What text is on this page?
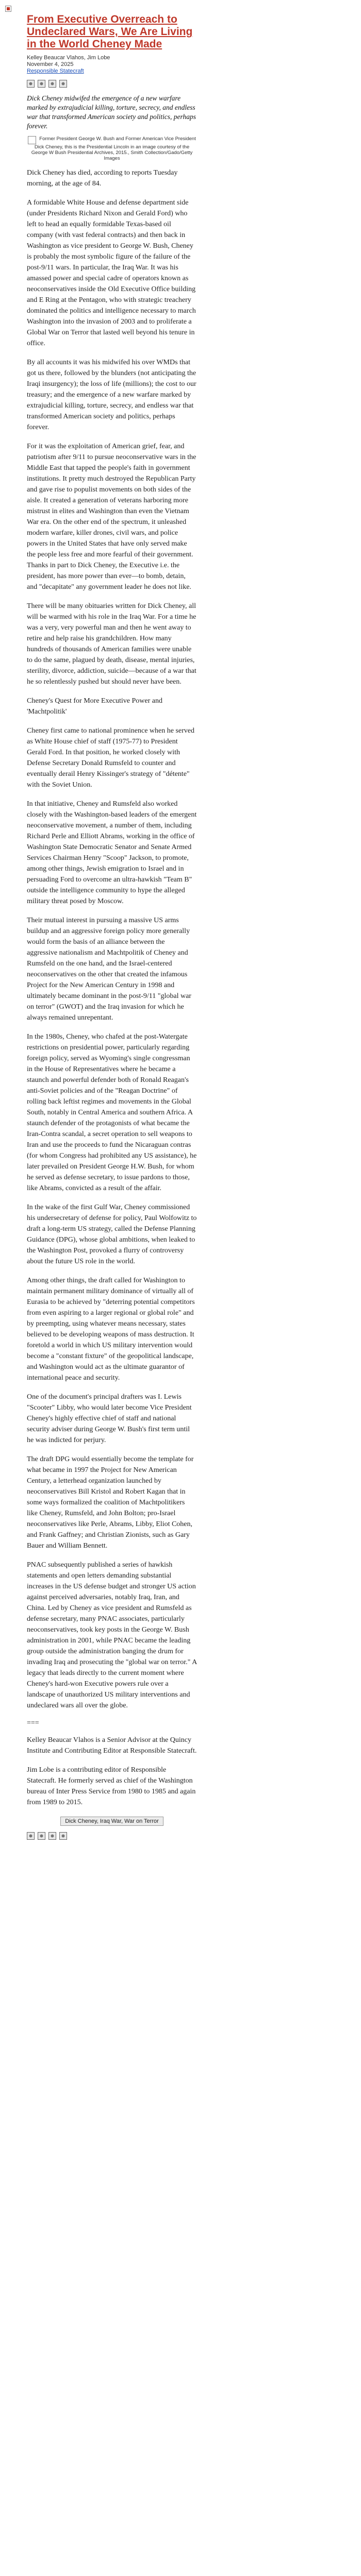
From Executive Overreach to Undeclared Wars, We Are Living in the World Cheney Made
Kelley Beaucar Vlahos, Jim Lobe
November 4, 2025
Responsible Statecraft

Dick Cheney midwifed the emergence of a new warfare marked by extrajudicial killing, torture, secrecy, and endless war that transformed American society and politics, perhaps forever.

Former President George W. Bush and Former American Vice President Dick Cheney, this is the Presidential Lincoln in an image courtesy of the George W Bush Presidential Archives, 2015., Smith Collection/Gado/Getty Images

Dick Cheney has died, according to reports Tuesday morning, at the age of 84.

A formidable White House and defense department side (under Presidents Richard Nixon and Gerald Ford) who left to head an equally formidable Texas-based oil company (with vast federal contracts) and then back in Washington as vice president to George W. Bush, Cheney is probably the most symbolic figure of the failure of the post-9/11 wars. In particular, the Iraq War. It was his amassed power and special cadre of operators known as neoconservatives inside the Old Executive Office building and E Ring at the Pentagon, who with strategic treachery dominated the politics and intelligence necessary to march Washington into the invasion of 2003 and to proliferate a Global War on Terror that lasted well beyond his tenure in office.

By all accounts it was his midwifed his over WMDs that got us there, followed by the blunders (not anticipating the Iraqi insurgency); the loss of life (millions); the cost to our treasury; and the emergence of a new warfare marked by extrajudicial killing, torture, secrecy, and endless war that transformed American society and politics, perhaps forever.

For it was the exploitation of American grief, fear, and patriotism after 9/11 to pursue neoconservative wars in the Middle East that tapped the people's faith in government institutions. It pretty much destroyed the Republican Party and gave rise to populist movements on both sides of the aisle. It created a generation of veterans harboring more mistrust in elites and Washington than even the Vietnam War era. On the other end of the spectrum, it unleashed modern warfare, killer drones, civil wars, and police powers in the United States that have only served make the people less free and more fearful of their government. Thanks in part to Dick Cheney, the Executive i.e. the president, has more power than ever—to bomb, detain, and "decapitate" any government leader he does not like.

There will be many obituaries written for Dick Cheney, all will be warmed with his role in the Iraq War. For a time he was a very, very powerful man and then he went away to retire and help raise his grandchildren. How many hundreds of thousands of American families were unable to do the same, plagued by death, disease, mental injuries, sterility, divorce, addiction, suicide—because of a war that he so relentlessly pushed but should never have been.

Cheney's Quest for More Executive Power and 'Machtpolitik'

Cheney first came to national prominence when he served as White House chief of staff (1975-77) to President Gerald Ford. In that position, he worked closely with Defense Secretary Donald Rumsfeld to counter and eventually derail Henry Kissinger's strategy of "détente" with the Soviet Union.

In that initiative, Cheney and Rumsfeld also worked closely with the Washington-based leaders of the emergent neoconservative movement, a number of them, including Richard Perle and Elliott Abrams, working in the office of Washington State Democratic Senator and Senate Armed Services Chairman Henry "Scoop" Jackson, to promote, among other things, Jewish emigration to Israel and in persuading Ford to overcome an ultra-hawkish "Team B" outside the intelligence community to hype the alleged military threat posed by Moscow.

Their mutual interest in pursuing a massive US arms buildup and an aggressive foreign policy more generally would form the basis of an alliance between the aggressive nationalism and Machtpolitik of Cheney and Rumsfeld on the one hand, and the Israel-centered neoconservatives on the other that created the infamous Project for the New American Century in 1998 and ultimately became dominant in the post-9/11 "global war on terror" (GWOT) and the Iraq invasion for which he always remained unrepentant.

In the 1980s, Cheney, who chafed at the post-Watergate restrictions on presidential power, particularly regarding foreign policy, served as Wyoming's single congressman in the House of Representatives where he became a staunch and powerful defender both of Ronald Reagan's anti-Soviet policies and of the "Reagan Doctrine" of rolling back leftist regimes and movements in the Global South, notably in Central America and southern Africa. A staunch defender of the protagonists of what became the Iran-Contra scandal, a secret operation to sell weapons to Iran and use the proceeds to fund the Nicaraguan contras (for whom Congress had prohibited any US assistance), he later prevailed on President George H.W. Bush, for whom he served as defense secretary, to issue pardons to those, like Abrams, convicted as a result of the affair.

In the wake of the first Gulf War, Cheney commissioned his undersecretary of defense for policy, Paul Wolfowitz to draft a long-term US strategy, called the Defense Planning Guidance (DPG), whose global ambitions, when leaked to the Washington Post, provoked a flurry of controversy about the future US role in the world.

Among other things, the draft called for Washington to maintain permanent military dominance of virtually all of Eurasia to be achieved by "deterring potential competitors from even aspiring to a larger regional or global role" and by preempting, using whatever means necessary, states believed to be developing weapons of mass destruction. It foretold a world in which US military intervention would become a "constant fixture" of the geopolitical landscape, and Washington would act as the ultimate guarantor of international peace and security.

One of the document's principal drafters was I. Lewis "Scooter" Libby, who would later become Vice President Cheney's highly effective chief of staff and national security adviser during George W. Bush's first term until he was indicted for perjury.

The draft DPG would essentially become the template for what became in 1997 the Project for New American Century, a letterhead organization launched by neoconservatives Bill Kristol and Robert Kagan that in some ways formalized the coalition of Machtpolitikers like Cheney, Rumsfeld, and John Bolton; pro-Israel neoconservatives like Perle, Abrams, Libby, Eliot Cohen, and Frank Gaffney; and Christian Zionists, such as Gary Bauer and William Bennett.

PNAC subsequently published a series of hawkish statements and open letters demanding substantial increases in the US defense budget and stronger US action against perceived adversaries, notably Iraq, Iran, and China. Led by Cheney as vice president and Rumsfeld as defense secretary, many PNAC associates, particularly neoconservatives, took key posts in the George W. Bush administration in 2001, while PNAC became the leading group outside the administration banging the drum for invading Iraq and prosecuting the "global war on terror." A legacy that leads directly to the current moment where Cheney's hard-won Executive powers rule over a landscape of unauthorized US military interventions and undeclared wars all over the globe.

===

Kelley Beaucar Vlahos is a Senior Advisor at the Quincy Institute and Contributing Editor at Responsible Statecraft.

Jim Lobe is a contributing editor of Responsible Statecraft. He formerly served as chief of the Washington bureau of Inter Press Service from 1980 to 1985 and again from 1989 to 2015.

Dick Cheney, Iraq War, War on Terror
